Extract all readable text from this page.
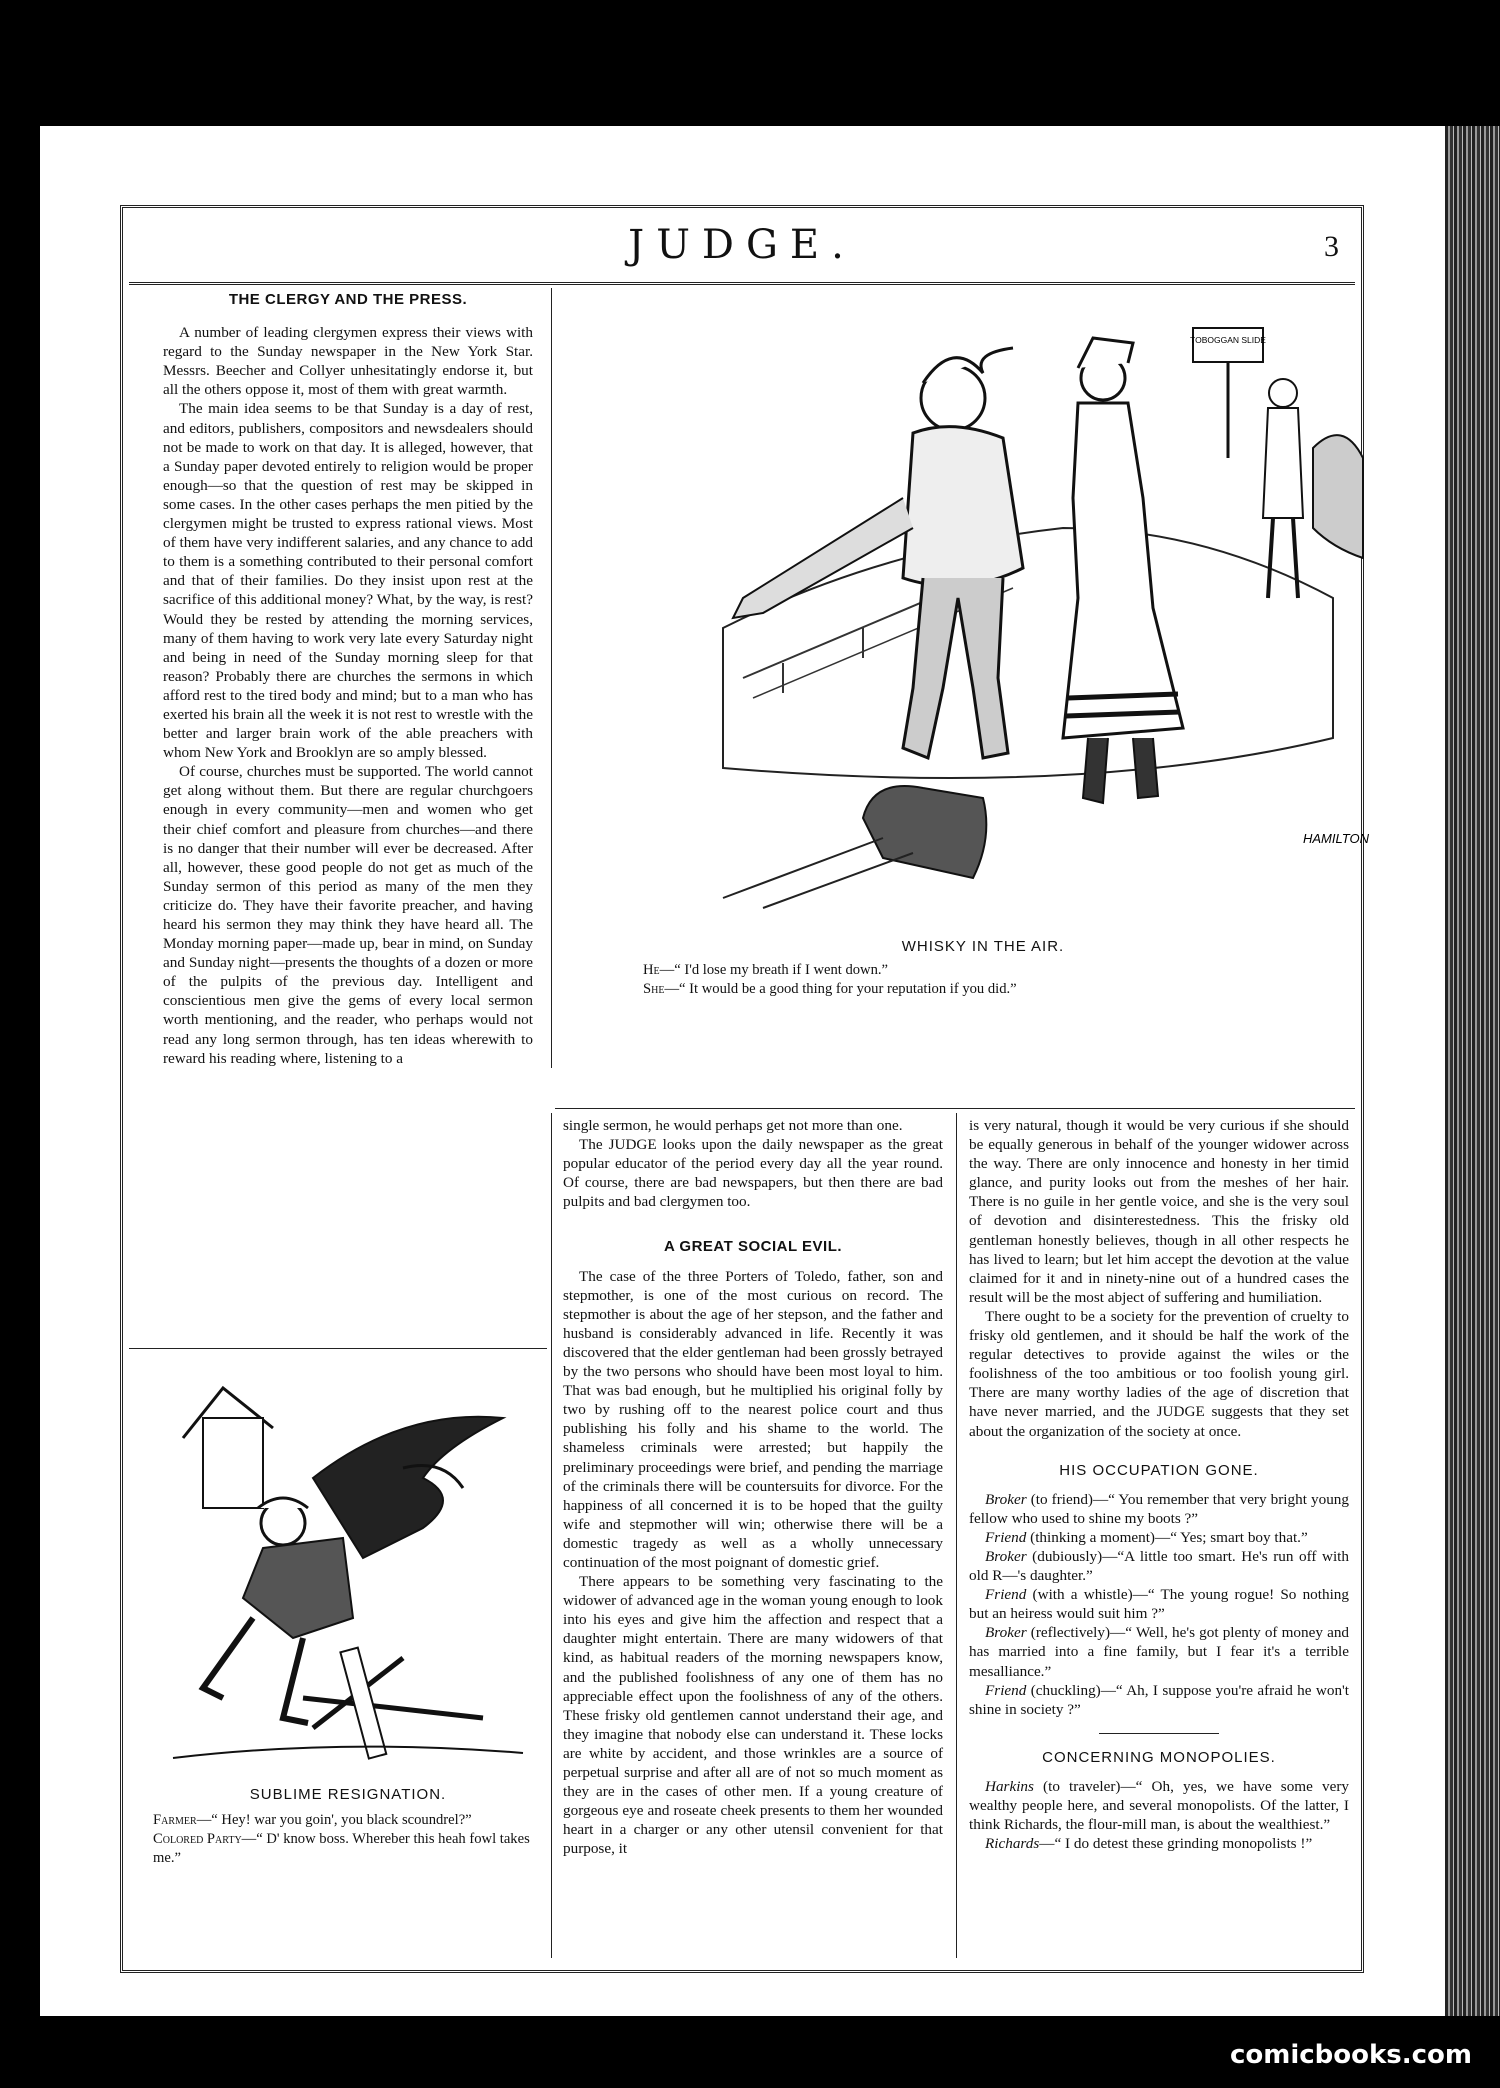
JUDGE.	3
THE CLERGY AND THE PRESS.

A number of leading clergymen express their views with regard to the Sunday newspaper in the New York Star. Messrs. Beecher and Collyer unhesitatingly endorse it, but all the others oppose it, most of them with great warmth.

The main idea seems to be that Sunday is a day of rest, and editors, publishers, compositors and newsdealers should not be made to work on that day. It is alleged, however, that a Sunday paper devoted entirely to religion would be proper enough—so that the question of rest may be skipped in some cases. In the other cases perhaps the men pitied by the clergymen might be trusted to express rational views. Most of them have very indifferent salaries, and any chance to add to them is a something contributed to their personal comfort and that of their families. Do they insist upon rest at the sacrifice of this additional money? What, by the way, is rest? Would they be rested by attending the morning services, many of them having to work very late every Saturday night and being in need of the Sunday morning sleep for that reason? Probably there are churches the sermons in which afford rest to the tired body and mind; but to a man who has exerted his brain all the week it is not rest to wrestle with the better and larger brain work of the able preachers with whom New York and Brooklyn are so amply blessed.

Of course, churches must be supported. The world cannot get along without them. But there are regular churchgoers enough in every community—men and women who get their chief comfort and pleasure from churches—and there is no danger that their number will ever be decreased. After all, however, these good people do not get as much of the Sunday sermon of this period as many of the men they criticize do. They have their favorite preacher, and having heard his sermon they may think they have heard all. The Monday morning paper—made up, bear in mind, on Sunday and Sunday night—presents the thoughts of a dozen or more of the pulpits of the previous day. Intelligent and conscientious men give the gems of every local sermon worth mentioning, and the reader, who perhaps would not read any long sermon through, has ten ideas wherewith to reward his reading where, listening to a

TOBOGGAN SLIDE
HAMILTON
WHISKY IN THE AIR.
He—“ I'd lose my breath if I went down.”
She—“ It would be a good thing for your reputation if you did.”

single sermon, he would perhaps get not more than one.

The JUDGE looks upon the daily newspaper as the great popular educator of the period every day all the year round. Of course, there are bad newspapers, but then there are bad pulpits and bad clergymen too.

A GREAT SOCIAL EVIL.

The case of the three Porters of Toledo, father, son and stepmother, is one of the most curious on record. The stepmother is about the age of her stepson, and the father and husband is considerably advanced in life. Recently it was discovered that the elder gentleman had been grossly betrayed by the two persons who should have been most loyal to him. That was bad enough, but he multiplied his original folly by two by rushing off to the nearest police court and thus publishing his folly and his shame to the world. The shameless criminals were arrested; but happily the preliminary proceedings were brief, and pending the marriage of the criminals there will be countersuits for divorce. For the happiness of all concerned it is to be hoped that the guilty wife and stepmother will win; otherwise there will be a domestic tragedy as well as a wholly unnecessary continuation of the most poignant of domestic grief.

There appears to be something very fascinating to the widower of advanced age in the woman young enough to look into his eyes and give him the affection and respect that a daughter might entertain. There are many widowers of that kind, as habitual readers of the morning newspapers know, and the published foolishness of any one of them has no appreciable effect upon the foolishness of any of the others. These frisky old gentlemen cannot understand their age, and they imagine that nobody else can understand it. These locks are white by accident, and those wrinkles are a source of perpetual surprise and after all are of not so much moment as they are in the cases of other men. If a young creature of gorgeous eye and roseate cheek presents to them her wounded heart in a charger or any other utensil convenient for that purpose, it

is very natural, though it would be very curious if she should be equally generous in behalf of the younger widower across the way. There are only innocence and honesty in her timid glance, and purity looks out from the meshes of her hair. There is no guile in her gentle voice, and she is the very soul of devotion and disinterestedness. This the frisky old gentleman honestly believes, though in all other respects he has lived to learn; but let him accept the devotion at the value claimed for it and in ninety-nine out of a hundred cases the result will be the most abject of suffering and humiliation.

There ought to be a society for the prevention of cruelty to frisky old gentlemen, and it should be half the work of the regular detectives to provide against the wiles or the foolishness of the too ambitious or too foolish young girl. There are many worthy ladies of the age of discretion that have never married, and the JUDGE suggests that they set about the organization of the society at once.

HIS OCCUPATION GONE.

Broker (to friend)—“ You remember that very bright young fellow who used to shine my boots ?”

Friend (thinking a moment)—“ Yes; smart boy that.”

Broker (dubiously)—“A little too smart. He's run off with old R—'s daughter.”

Friend (with a whistle)—“ The young rogue! So nothing but an heiress would suit him ?”

Broker (reflectively)—“ Well, he's got plenty of money and has married into a fine family, but I fear it's a terrible mesalliance.”

Friend (chuckling)—“ Ah, I suppose you're afraid he won't shine in society ?”

CONCERNING MONOPOLIES.

Harkins (to traveler)—“ Oh, yes, we have some very wealthy people here, and several monopolists. Of the latter, I think Richards, the flour-mill man, is about the wealthiest.”

Richards—“ I do detest these grinding monopolists !”

SUBLIME RESIGNATION.
Farmer—“ Hey! war you goin', you black scoundrel?”
Colored Party—“ D' know boss. Whereber this heah fowl takes me.”
comicbooks.com
